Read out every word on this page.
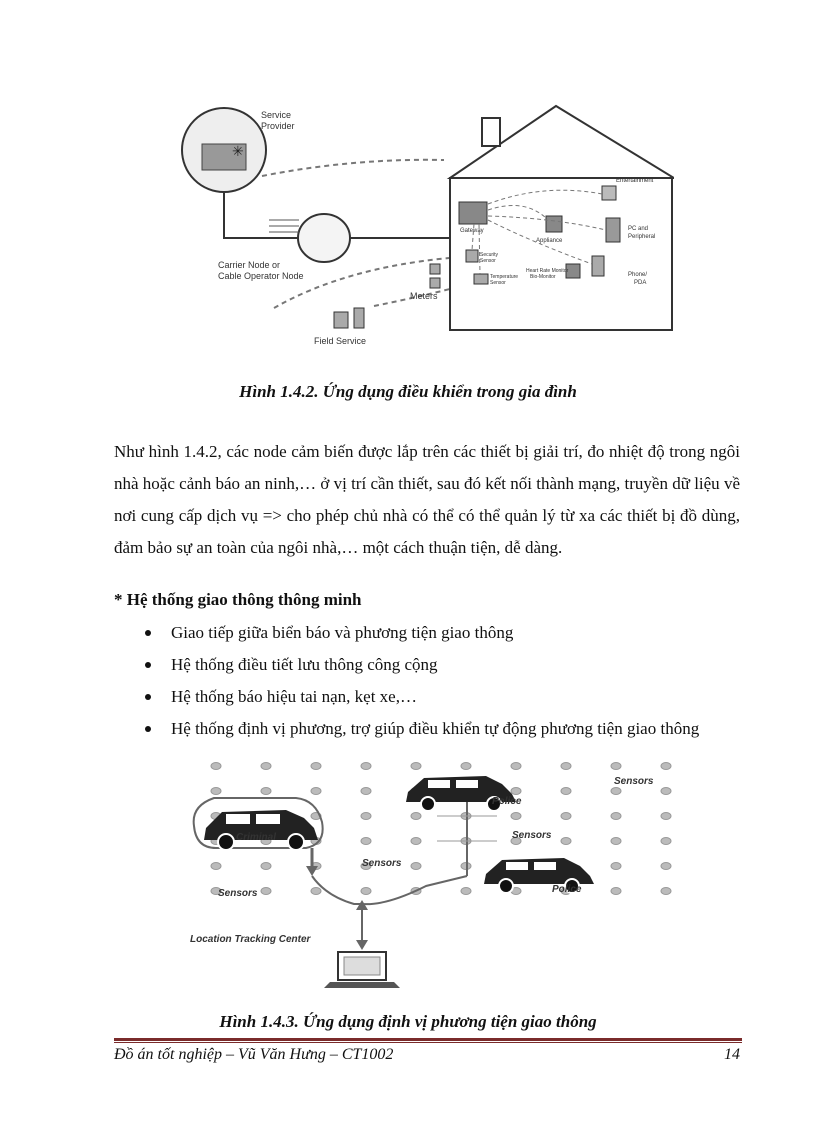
✳
Service
Provider
Carrier Node or
Cable Operator Node
Gateway
Appliance
Entertainment
PC and
Peripheral
Phone/
PDA
Security
Sensor
Temperature
Sensor
Heart Rate Monitor
Bio-Monitor
Meters
Field Service
Hình 1.4.2. Ứng dụng điều khiển trong gia đình

Như hình 1.4.2, các node cảm biến được lắp trên các thiết bị giải trí, đo nhiệt độ trong ngôi nhà hoặc cảnh báo an ninh,… ở vị trí cần thiết, sau đó kết nối thành mạng, truyền dữ liệu về nơi cung cấp dịch vụ => cho phép chủ nhà có thể có thể quản lý từ xa các thiết bị đồ dùng, đảm bảo sự an toàn của ngôi nhà,… một cách thuận tiện, dễ dàng.

* Hệ thống giao thông thông minh

Giao tiếp giữa biển báo và phương tiện giao thông
Hệ thống điều tiết lưu thông công cộng
Hệ thống báo hiệu tai nạn, kẹt xe,…
Hệ thống định vị phương, trợ giúp điều khiển tự động phương tiện giao thông
Sensors
Police
Criminal	Sensors
Sensors
Police
Sensors
Location Tracking Center
Hình 1.4.3. Ứng dụng định vị phương tiện giao thông
Đồ án tốt nghiệp – Vũ Văn Hưng – CT1002	14
